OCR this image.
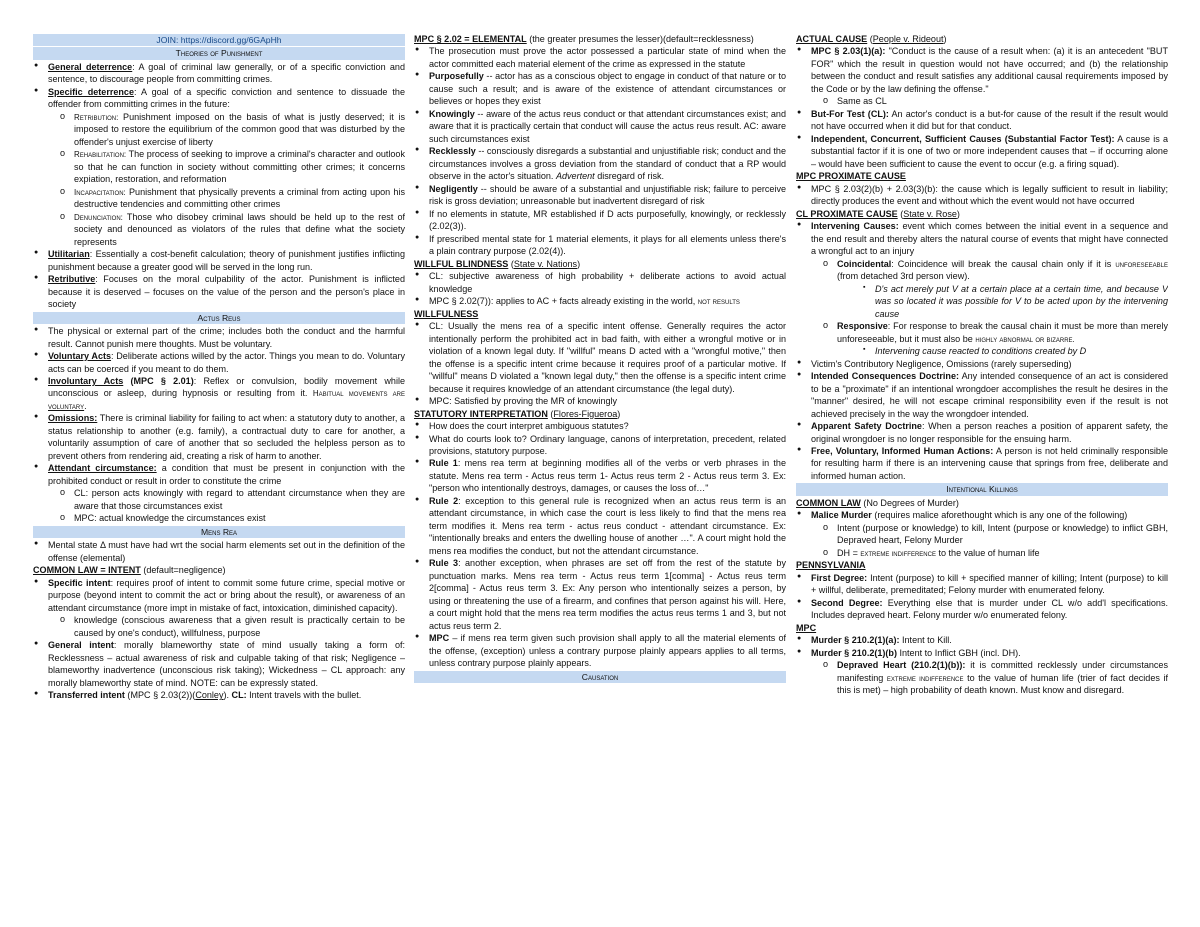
JOIN: https://discord.gg/6GApHh
Theories of Punishment
● General deterrence: A goal of criminal law generally, or of a specific conviction and sentence, to discourage people from committing crimes.
● Specific deterrence: A goal of a specific conviction and sentence to dissuade the offender from committing crimes in the future:
o Retribution: Punishment imposed on the basis of what is justly deserved; it is imposed to restore the equilibrium of the common good that was disturbed by the offender's unjust exercise of liberty
o Rehabilitation: The process of seeking to improve a criminal's character and outlook so that he can function in society without committing other crimes; it concerns expiation, restoration, and reformation
o Incapacitation: Punishment that physically prevents a criminal from acting upon his destructive tendencies and committing other crimes
o Denunciation: Those who disobey criminal laws should be held up to the rest of society and denounced as violators of the rules that define what the society represents
● Utilitarian: Essentially a cost-benefit calculation; theory of punishment justifies inflicting punishment because a greater good will be served in the long run.
● Retributive: Focuses on the moral culpability of the actor. Punishment is inflicted because it is deserved – focuses on the value of the person and the person's place in society
Actus Reus
● The physical or external part of the crime; includes both the conduct and the harmful result. Cannot punish mere thoughts. Must be voluntary.
● Voluntary Acts: Deliberate actions willed by the actor. Things you mean to do. Voluntary acts can be coerced if you meant to do them.
● Involuntary Acts (MPC § 2.01): Reflex or convulsion, bodily movement while unconscious or asleep, during hypnosis or resulting from it. Habitual movements are voluntary.
● Omissions: There is criminal liability for failing to act when: a statutory duty to another, a status relationship to another (e.g. family), a contractual duty to care for another, a voluntarily assumption of care of another that so secluded the helpless person as to prevent others from rendering aid, creating a risk of harm to another.
● Attendant circumstance: a condition that must be present in conjunction with the prohibited conduct or result in order to constitute the crime
o CL: person acts knowingly with regard to attendant circumstance when they are aware that those circumstances exist
o MPC: actual knowledge the circumstances exist
Mens Rea
● Mental state Δ must have had wrt the social harm elements set out in the definition of the offense (elemental)

COMMON LAW = INTENT (default=negligence)

● Specific intent: requires proof of intent to commit some future crime, special motive or purpose (beyond intent to commit the act or bring about the result), or awareness of an attendant circumstance (more impt in mistake of fact, intoxication, diminished capacity).
o knowledge (conscious awareness that a given result is practically certain to be caused by one's conduct), willfulness, purpose
● General intent: morally blameworthy state of mind usually taking a form of: Recklessness – actual awareness of risk and culpable taking of that risk; Negligence – blameworthy inadvertence (unconscious risk taking); Wickedness – CL approach: any morally blameworthy state of mind. NOTE: can be expressly stated.
● Transferred intent (MPC § 2.03(2))(Conley). CL: Intent travels with the bullet.

MPC § 2.02 = ELEMENTAL (the greater presumes the lesser)(default=recklessness)

● The prosecution must prove the actor possessed a particular state of mind when the actor committed each material element of the crime as expressed in the statute
● Purposefully -- actor has as a conscious object to engage in conduct of that nature or to cause such a result; and is aware of the existence of attendant circumstances or believes or hopes they exist
● Knowingly -- aware of the actus reus conduct or that attendant circumstances exist; and aware that it is practically certain that conduct will cause the actus reus result. AC: aware such circumstances exist
● Recklessly -- consciously disregards a substantial and unjustifiable risk; conduct and the circumstances involves a gross deviation from the standard of conduct that a RP would observe in the actor's situation. Advertent disregard of risk.
● Negligently -- should be aware of a substantial and unjustifiable risk; failure to perceive risk is gross deviation; unreasonable but inadvertent disregard of risk
● If no elements in statute, MR established if D acts purposefully, knowingly, or recklessly (2.02(3)).
● If prescribed mental state for 1 material elements, it plays for all elements unless there's a plain contrary purpose (2.02(4)).

WILLFUL BLINDNESS (State v. Nations)

● CL: subjective awareness of high probability + deliberate actions to avoid actual knowledge
● MPC § 2.02(7)): applies to AC + facts already existing in the world, not results

WILLFULNESS

● CL: Usually the mens rea of a specific intent offense. Generally requires the actor intentionally perform the prohibited act in bad faith, with either a wrongful motive or in violation of a known legal duty. If "willful" means D acted with a "wrongful motive," then the offense is a specific intent crime because it requires proof of a particular motive. If "willful" means D violated a "known legal duty," then the offense is a specific intent crime because it requires knowledge of an attendant circumstance (the legal duty).
● MPC: Satisfied by proving the MR of knowingly

STATUTORY INTERPRETATION (Flores-Figueroa)

● How does the court interpret ambiguous statutes?
● What do courts look to? Ordinary language, canons of interpretation, precedent, related provisions, statutory purpose.
● Rule 1: mens rea term at beginning modifies all of the verbs or verb phrases in the statute. Mens rea term - Actus reus term 1- Actus reus term 2 - Actus reus term 3. Ex: "person who intentionally destroys, damages, or causes the loss of…"
● Rule 2: exception to this general rule is recognized when an actus reus term is an attendant circumstance, in which case the court is less likely to find that the mens rea term modifies it. Mens rea term - actus reus conduct - attendant circumstance. Ex: "intentionally breaks and enters the dwelling house of another …". A court might hold the mens rea modifies the conduct, but not the attendant circumstance.
● Rule 3: another exception, when phrases are set off from the rest of the statute by punctuation marks. Mens rea term - Actus reus term 1[comma] - Actus reus term 2[comma] - Actus reus term 3. Ex: Any person who intentionally seizes a person, by using or threatening the use of a firearm, and confines that person against his will. Here, a court might hold that the mens rea term modifies the actus reus terms 1 and 3, but not actus reus term 2.
● MPC – if mens rea term given such provision shall apply to all the material elements of the offense, (exception) unless a contrary purpose plainly appears applies to all terms, unless contrary purpose plainly appears.
Causation

ACTUAL CAUSE (People v. Rideout)

● MPC § 2.03(1)(a): "Conduct is the cause of a result when: (a) it is an antecedent "BUT FOR" which the result in question would not have occurred; and (b) the relationship between the conduct and result satisfies any additional causal requirements imposed by the Code or by the law defining the offense."
o Same as CL
● But-For Test (CL): An actor's conduct is a but-for cause of the result if the result would not have occurred when it did but for that conduct.
● Independent, Concurrent, Sufficient Causes (Substantial Factor Test): A cause is a substantial factor if it is one of two or more independent causes that – if occurring alone – would have been sufficient to cause the event to occur (e.g. a firing squad).

MPC PROXIMATE CAUSE

● MPC § 2.03(2)(b) + 2.03(3)(b): the cause which is legally sufficient to result in liability; directly produces the event and without which the event would not have occurred

CL PROXIMATE CAUSE (State v. Rose)

● Intervening Causes: event which comes between the initial event in a sequence and the end result and thereby alters the natural course of events that might have connected a wrongful act to an injury
o Coincidental: Coincidence will break the causal chain only if it is unforeseeable (from detached 3rd person view).
▪ D's act merely put V at a certain place at a certain time, and because V was so located it was possible for V to be acted upon by the intervening cause
o Responsive: For response to break the causal chain it must be more than merely unforeseeable, but it must also be highly abnormal or bizarre.
▪ Intervening cause reacted to conditions created by D
● Victim's Contributory Negligence, Omissions (rarely superseding)
● Intended Consequences Doctrine: Any intended consequence of an act is considered to be a "proximate" if an intentional wrongdoer accomplishes the result he desires in the "manner" desired, he will not escape criminal responsibility even if the result is not achieved precisely in the way the wrongdoer intended.
● Apparent Safety Doctrine: When a person reaches a position of apparent safety, the original wrongdoer is no longer responsible for the ensuing harm.
● Free, Voluntary, Informed Human Actions: A person is not held criminally responsible for resulting harm if there is an intervening cause that springs from free, deliberate and informed human action.
Intentional Killings

COMMON LAW (No Degrees of Murder)

● Malice Murder (requires malice aforethought which is any one of the following)
o Intent (purpose or knowledge) to kill, Intent (purpose or knowledge) to inflict GBH, Depraved heart, Felony Murder
o DH = extreme indifference to the value of human life

PENNSYLVANIA

● First Degree: Intent (purpose) to kill + specified manner of killing; Intent (purpose) to kill + willful, deliberate, premeditated; Felony murder with enumerated felony.
● Second Degree: Everything else that is murder under CL w/o add'l specifications. Includes depraved heart. Felony murder w/o enumerated felony.

MPC

● Murder § 210.2(1)(a): Intent to Kill.
● Murder § 210.2(1)(b) Intent to Inflict GBH (incl. DH).
o Depraved Heart (210.2(1)(b)): it is committed recklessly under circumstances manifesting extreme indifference to the value of human life (trier of fact decides if this is met) – high probability of death known. Must know and disregard.
